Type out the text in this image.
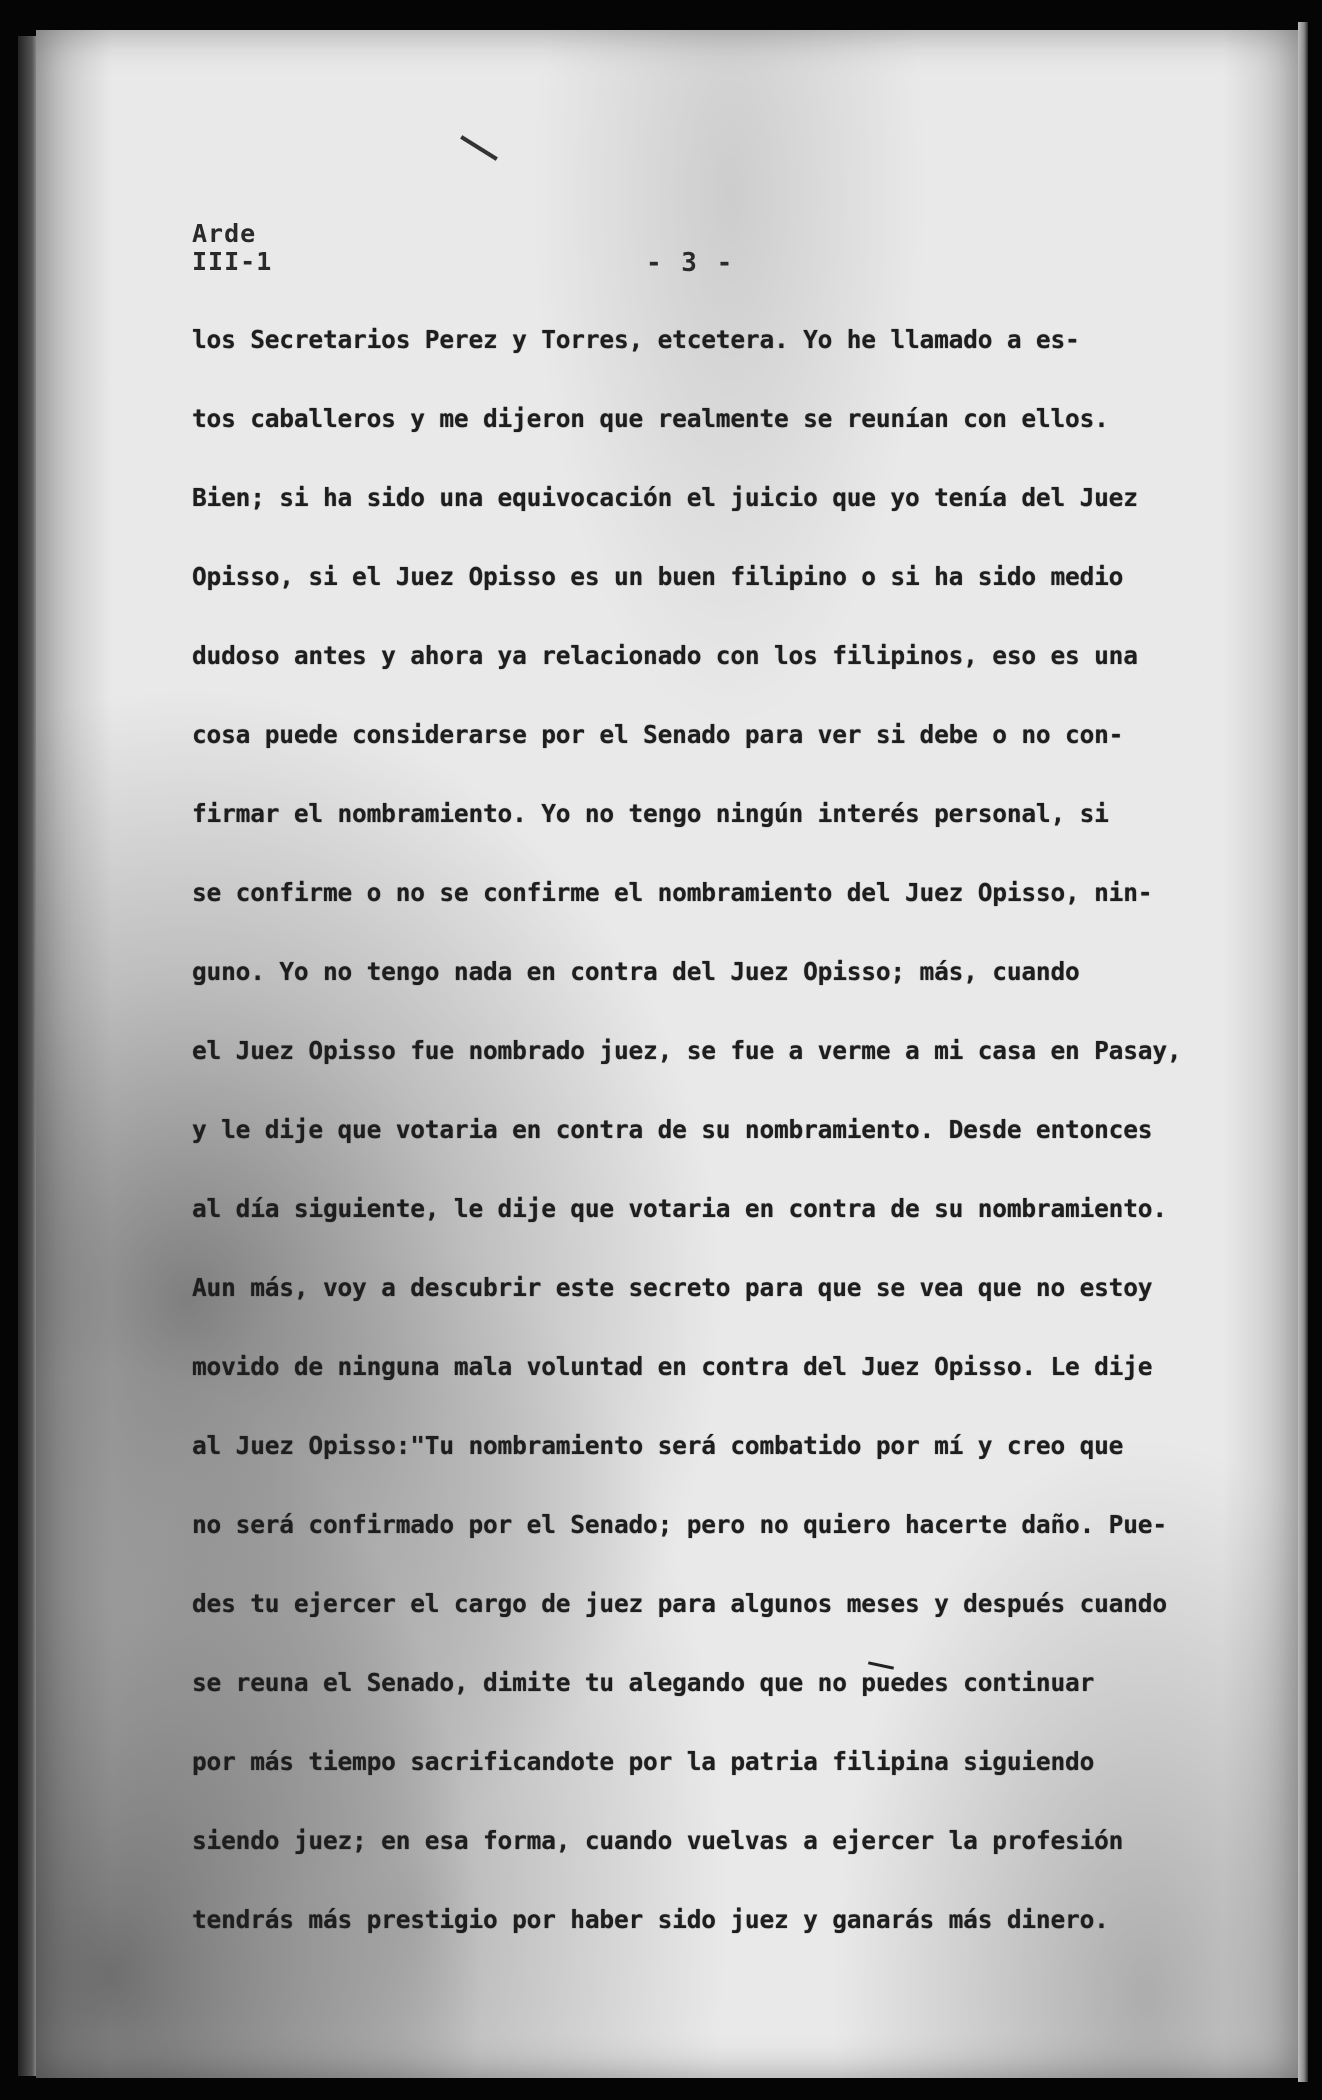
Arde
III-1	- 3 -
los Secretarios Perez y Torres, etcetera. Yo he llamado a es-
tos caballeros y me dijeron que realmente se reunían con ellos.
Bien; si ha sido una equivocación el juicio que yo tenía del Juez
Opisso, si el Juez Opisso es un buen filipino o si ha sido medio
dudoso antes y ahora ya relacionado con los filipinos, eso es una
cosa puede considerarse por el Senado para ver si debe o no con-
firmar el nombramiento. Yo no tengo ningún interés personal, si
se confirme o no se confirme el nombramiento del Juez Opisso, nin-
guno. Yo no tengo nada en contra del Juez Opisso; más, cuando
el Juez Opisso fue nombrado juez, se fue a verme a mi casa en Pasay,
y le dije que votaria en contra de su nombramiento. Desde entonces
al día siguiente, le dije que votaria en contra de su nombramiento.
Aun más, voy a descubrir este secreto para que se vea que no estoy
movido de ninguna mala voluntad en contra del Juez Opisso. Le dije
al Juez Opisso:"Tu nombramiento será combatido por mí y creo que
no será confirmado por el Senado; pero no quiero hacerte daño. Pue-
des tu ejercer el cargo de juez para algunos meses y después cuando
se reuna el Senado, dimite tu alegando que no puedes continuar
por más tiempo sacrificandote por la patria filipina siguiendo
siendo juez; en esa forma, cuando vuelvas a ejercer la profesión
tendrás más prestigio por haber sido juez y ganarás más dinero.
